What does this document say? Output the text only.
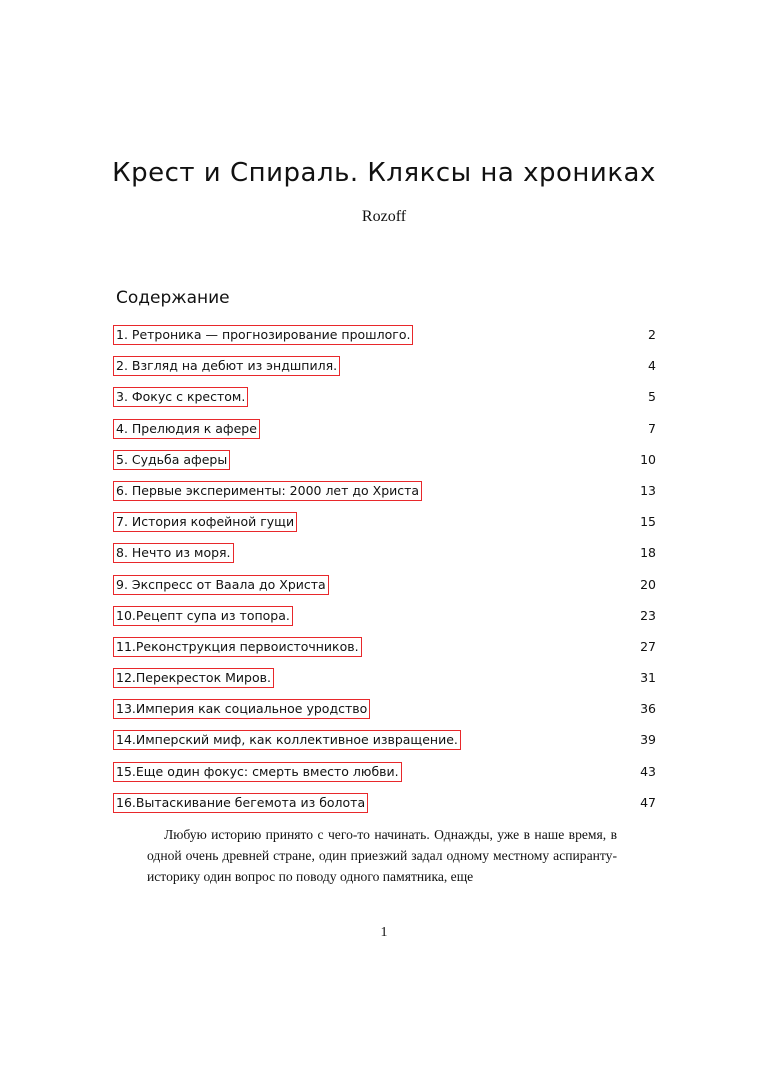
Крест и Спираль. Кляксы на хрониках
Rozoff
Содержание
1. Ретроника — прогнозирование прошлого.	2
2. Взгляд на дебют из эндшпиля.	4
3. Фокус с крестом.	5
4. Прелюдия к афере	7
5. Судьба аферы	10
6. Первые эксперименты: 2000 лет до Христа	13
7. История кофейной гущи	15
8. Нечто из моря.	18
9. Экспресс от Ваала до Христа	20
10.Рецепт супа из топора.	23
11.Реконструкция первоисточников.	27
12.Перекресток Миров.	31
13.Империя как социальное уродство	36
14.Имперский миф, как коллективное извращение.	39
15.Еще один фокус: смерть вместо любви.	43
16.Вытаскивание бегемота из болота	47

Любую историю принято с чего-то начинать. Однажды, уже в наше время, в одной очень древней стране, один приезжий задал одному местному аспиранту-историку один вопрос по поводу одного памятника, еще

1
